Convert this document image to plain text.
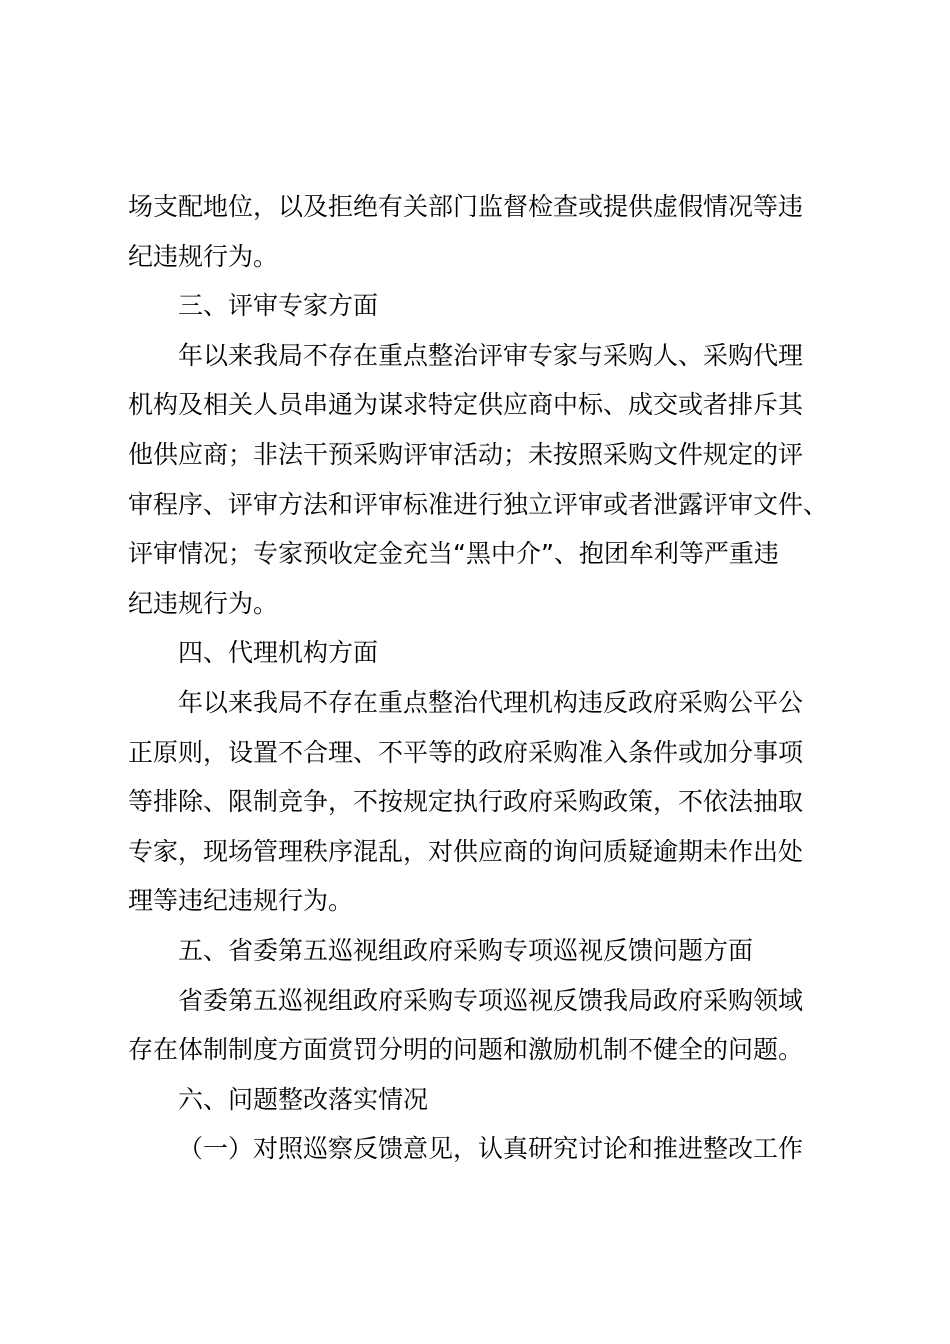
场支配地位，以及拒绝有关部门监督检查或提供虚假情况等违
纪违规行为。
三、评审专家方面
年以来我局不存在重点整治评审专家与采购人、采购代理
机构及相关人员串通为谋求特定供应商中标、成交或者排斥其
他供应商；非法干预采购评审活动；未按照采购文件规定的评
审程序、评审方法和评审标准进行独立评审或者泄露评审文件、
评审情况；专家预收定金充当“黑中介”、抱团牟利等严重违
纪违规行为。
四、代理机构方面
年以来我局不存在重点整治代理机构违反政府采购公平公
正原则，设置不合理、不平等的政府采购准入条件或加分事项
等排除、限制竞争，不按规定执行政府采购政策，不依法抽取
专家，现场管理秩序混乱，对供应商的询问质疑逾期未作出处
理等违纪违规行为。
五、省委第五巡视组政府采购专项巡视反馈问题方面
省委第五巡视组政府采购专项巡视反馈我局政府采购领域
存在体制制度方面赏罚分明的问题和激励机制不健全的问题。
六、问题整改落实情况
（一）对照巡察反馈意见，认真研究讨论和推进整改工作
